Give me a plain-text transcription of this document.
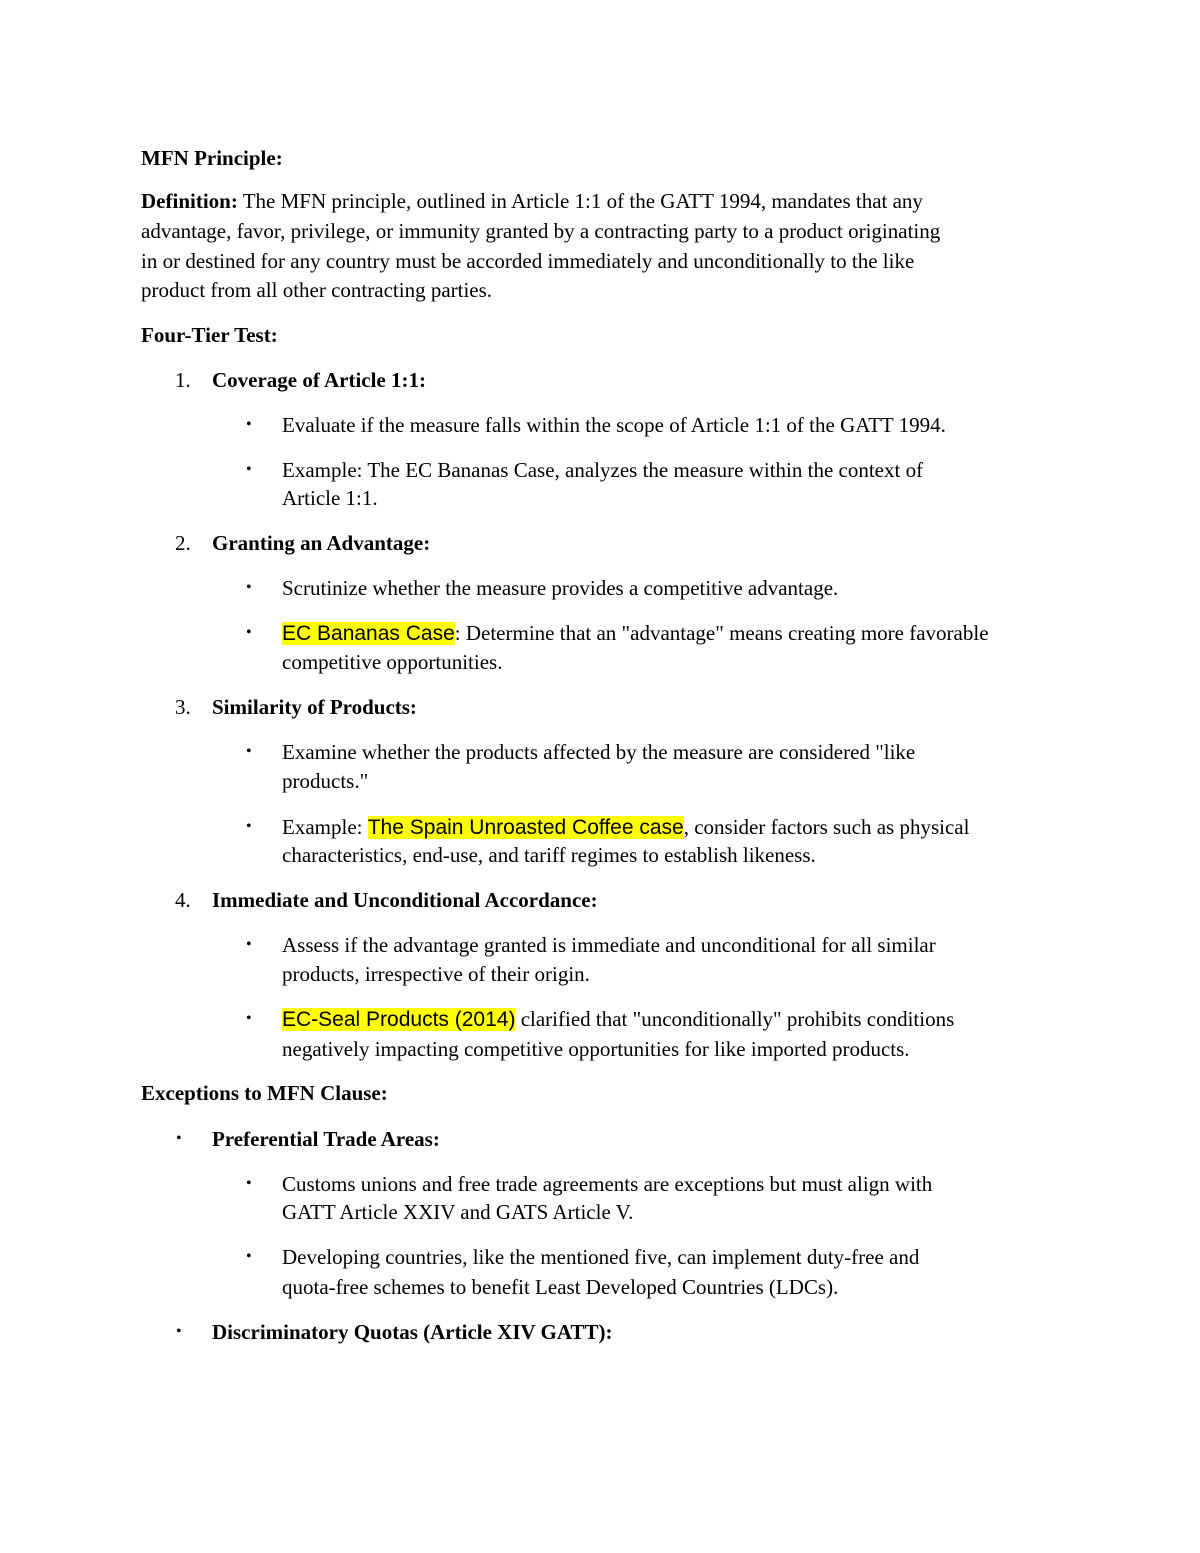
MFN Principle:
Definition: The MFN principle, outlined in Article 1:1 of the GATT 1994, mandates that any
advantage, favor, privilege, or immunity granted by a contracting party to a product originating
in or destined for any country must be accorded immediately and unconditionally to the like
product from all other contracting parties.
Four-Tier Test:
1. Coverage of Article 1:1:
• Evaluate if the measure falls within the scope of Article 1:1 of the GATT 1994.
• Example: The EC Bananas Case, analyzes the measure within the context of
Article 1:1.
2. Granting an Advantage:
• Scrutinize whether the measure provides a competitive advantage.
• EC Bananas Case: Determine that an "advantage" means creating more favorable
competitive opportunities.
3. Similarity of Products:
• Examine whether the products affected by the measure are considered "like
products."
• Example: The Spain Unroasted Coffee case, consider factors such as physical
characteristics, end-use, and tariff regimes to establish likeness.
4. Immediate and Unconditional Accordance:
• Assess if the advantage granted is immediate and unconditional for all similar
products, irrespective of their origin.
• EC-Seal Products (2014) clarified that "unconditionally" prohibits conditions
negatively impacting competitive opportunities for like imported products.
Exceptions to MFN Clause:
• Preferential Trade Areas:
• Customs unions and free trade agreements are exceptions but must align with
GATT Article XXIV and GATS Article V.
• Developing countries, like the mentioned five, can implement duty-free and
quota-free schemes to benefit Least Developed Countries (LDCs).
• Discriminatory Quotas (Article XIV GATT):
